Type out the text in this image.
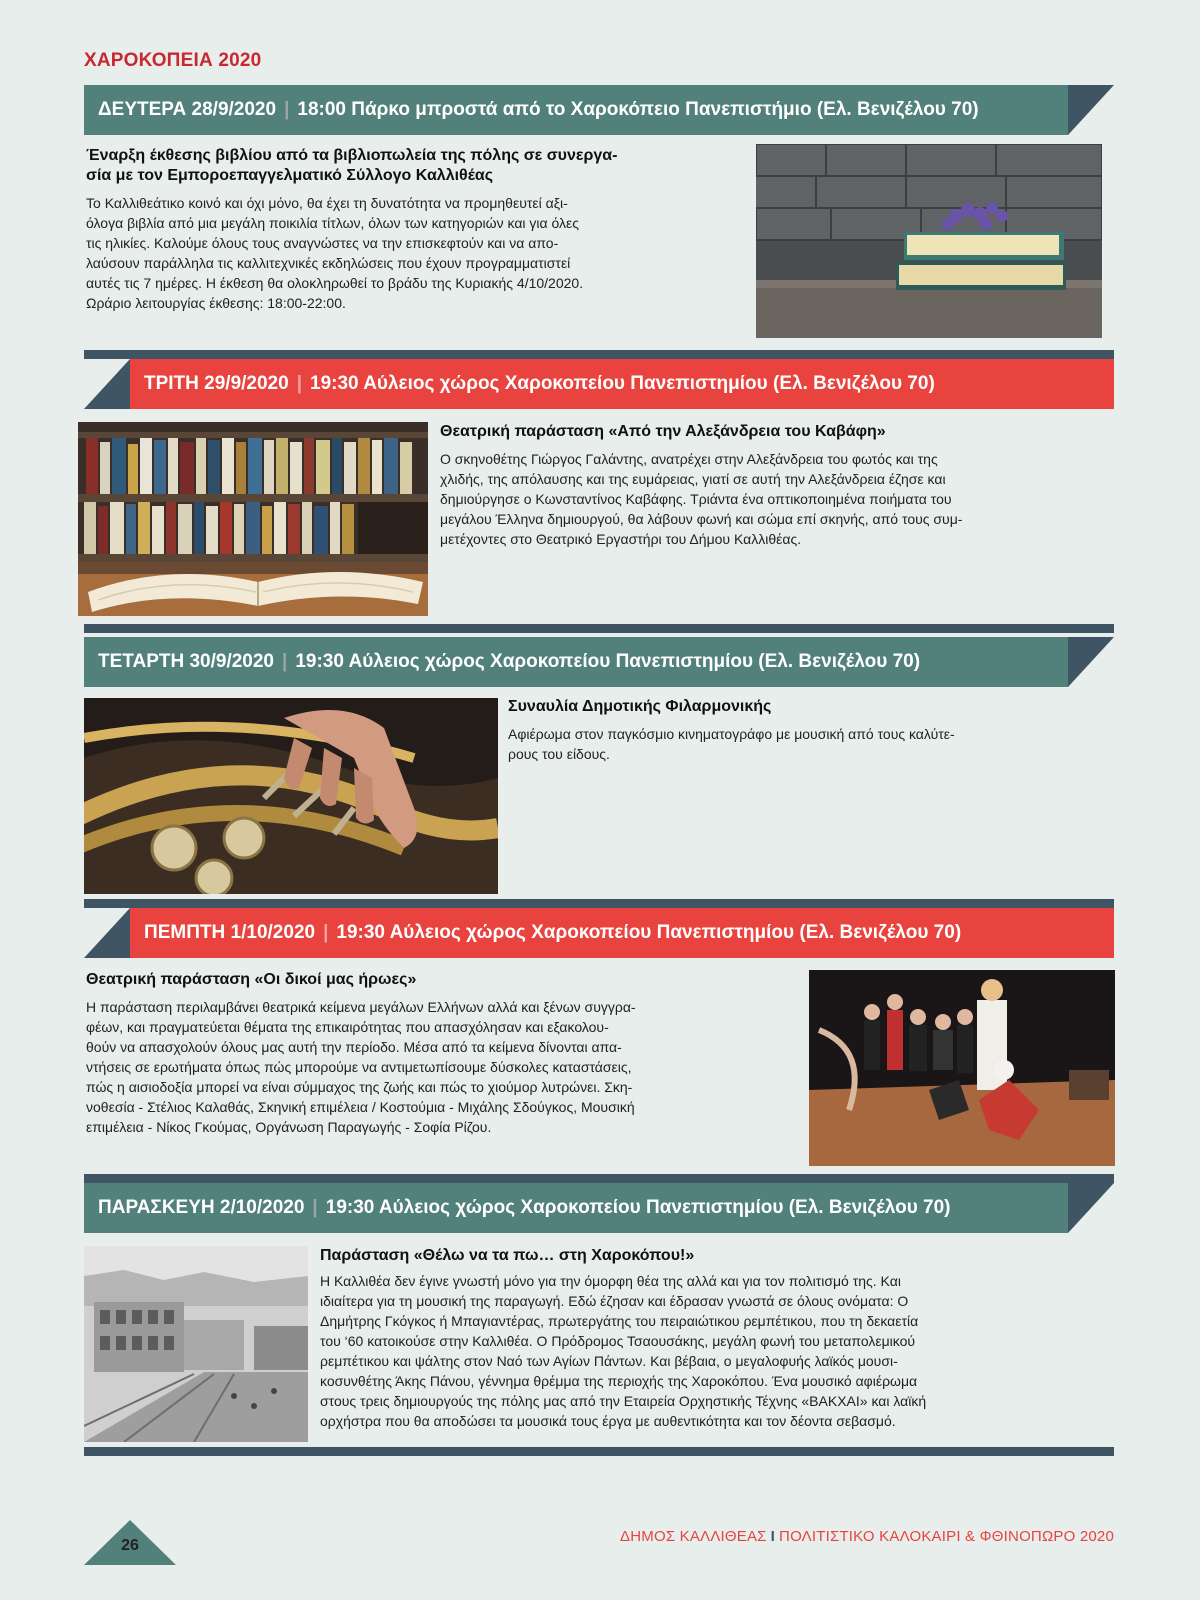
ΧΑΡΟΚΟΠΕΙΑ 2020
ΔΕΥΤΕΡΑ 28/9/2020 | 18:00 Πάρκο μπροστά από το Χαροκόπειο Πανεπιστήμιο (Ελ. Βενιζέλου 70)
Έναρξη έκθεσης βιβλίου από τα βιβλιοπωλεία της πόλης σε συνεργα-
σία με τον Εμποροεπαγγελματικό Σύλλογο Καλλιθέας
Το Καλλιθεάτικο κοινό και όχι μόνο, θα έχει τη δυνατότητα να προμηθευτεί αξι-
όλογα βιβλία από μια μεγάλη ποικιλία τίτλων, όλων των κατηγοριών και για όλες
τις ηλικίες. Καλούμε όλους τους αναγνώστες να την επισκεφτούν και να απο-
λαύσουν παράλληλα τις καλλιτεχνικές εκδηλώσεις που έχουν προγραμματιστεί
αυτές τις 7 ημέρες. Η έκθεση θα ολοκληρωθεί το βράδυ της Κυριακής 4/10/2020.
Ωράριο λειτουργίας έκθεσης: 18:00-22:00.
ΤΡΙΤΗ 29/9/2020 | 19:30 Αύλειος χώρος Χαροκοπείου Πανεπιστημίου (Ελ. Βενιζέλου 70)
Θεατρική παράσταση «Από την Αλεξάνδρεια του Καβάφη»
Ο σκηνοθέτης Γιώργος Γαλάντης, ανατρέχει στην Αλεξάνδρεια του φωτός και της
χλιδής, της απόλαυσης και της ευμάρειας, γιατί σε αυτή την Αλεξάνδρεια έζησε και
δημιούργησε ο Κωνσταντίνος Καβάφης. Τριάντα ένα οπτικοποιημένα ποιήματα του
μεγάλου Έλληνα δημιουργού, θα λάβουν φωνή και σώμα επί σκηνής, από τους συμ-
μετέχοντες στο Θεατρικό Εργαστήρι του Δήμου Καλλιθέας.
ΤΕΤΑΡΤΗ 30/9/2020 | 19:30 Αύλειος χώρος Χαροκοπείου Πανεπιστημίου (Ελ. Βενιζέλου 70)
Συναυλία Δημοτικής Φιλαρμονικής
Αφιέρωμα στον παγκόσμιο κινηματογράφο με μουσική από τους καλύτε-
ρους του είδους.
ΠΕΜΠΤΗ 1/10/2020 | 19:30 Αύλειος χώρος Χαροκοπείου Πανεπιστημίου (Ελ. Βενιζέλου 70)
Θεατρική παράσταση «Οι δικοί μας ήρωες»
Η παράσταση περιλαμβάνει θεατρικά κείμενα μεγάλων Ελλήνων αλλά και ξένων συγγρα-
φέων, και πραγματεύεται θέματα της επικαιρότητας που απασχόλησαν και εξακολου-
θούν να απασχολούν όλους μας αυτή την περίοδο. Μέσα από τα κείμενα δίνονται απα-
ντήσεις σε ερωτήματα όπως πώς μπορούμε να αντιμετωπίσουμε δύσκολες καταστάσεις,
πώς η αισιοδοξία μπορεί να είναι σύμμαχος της ζωής και πώς το χιούμορ λυτρώνει. Σκη-
νοθεσία - Στέλιος Καλαθάς, Σκηνική επιμέλεια / Κοστούμια - Μιχάλης Σδούγκος, Μουσική
επιμέλεια - Νίκος Γκούμας, Οργάνωση Παραγωγής - Σοφία Ρίζου.
ΠΑΡΑΣΚΕΥΗ 2/10/2020 | 19:30 Αύλειος χώρος Χαροκοπείου Πανεπιστημίου (Ελ. Βενιζέλου 70)
Παράσταση «Θέλω να τα πω… στη Χαροκόπου!»
Η Καλλιθέα δεν έγινε γνωστή μόνο για την όμορφη θέα της αλλά και για τον πολιτισμό της. Και
ιδιαίτερα για τη μουσική της παραγωγή. Εδώ έζησαν και έδρασαν γνωστά σε όλους ονόματα: Ο
Δημήτρης Γκόγκος ή Μπαγιαντέρας, πρωτεργάτης του πειραιώτικου ρεμπέτικου, που τη δεκαετία
του ‘60 κατοικούσε στην Καλλιθέα. Ο Πρόδρομος Τσαουσάκης, μεγάλη φωνή του μεταπολεμικού
ρεμπέτικου και ψάλτης στον Ναό των Αγίων Πάντων. Και βέβαια, ο μεγαλοφυής λαϊκός μουσι-
κοσυνθέτης Άκης Πάνου, γέννημα θρέμμα της περιοχής της Χαροκόπου. Ένα μουσικό αφιέρωμα
στους τρεις δημιουργούς της πόλης μας από την Εταιρεία Ορχηστικής Τέχνης «ΒΑΚΧΑΙ» και λαϊκή
ορχήστρα που θα αποδώσει τα μουσικά τους έργα με αυθεντικότητα και τον δέοντα σεβασμό.
26
ΔΗΜΟΣ ΚΑΛΛΙΘΕΑΣ I ΠΟΛΙΤΙΣΤΙΚΟ ΚΑΛΟΚΑΙΡΙ & ΦΘΙΝΟΠΩΡΟ 2020
